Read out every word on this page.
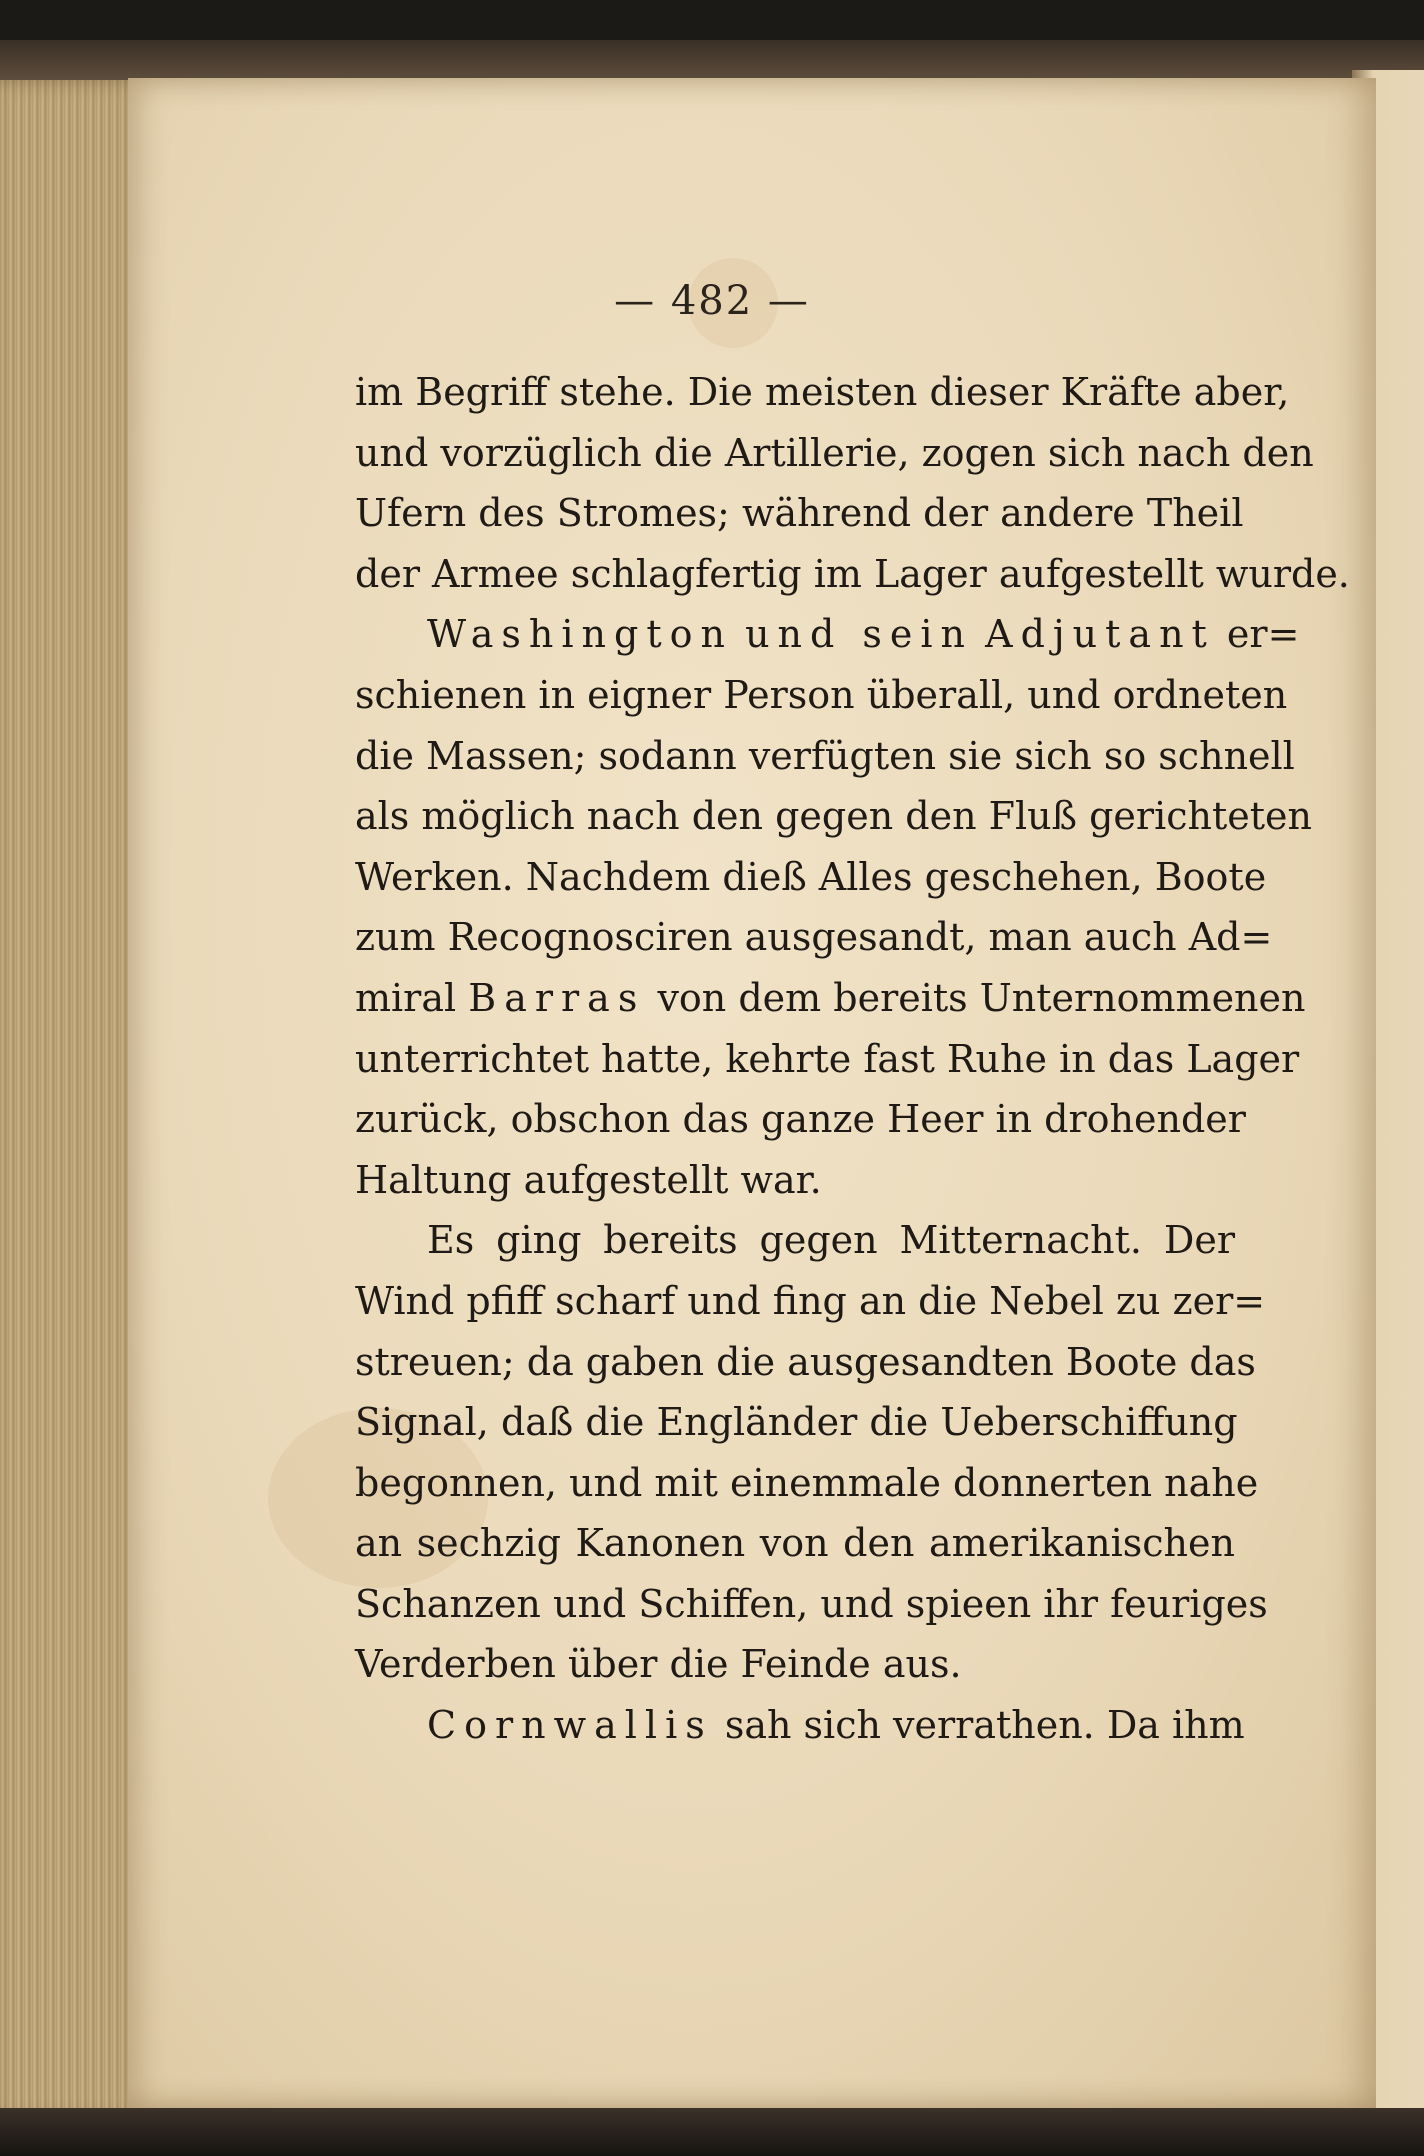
— 482 —
im Begriff stehe. Die meisten dieser Kräfte aber,
und vorzüglich die Artillerie, zogen sich nach den
Ufern des Stromes; während der andere Theil
der Armee schlagfertig im Lager aufgestellt wurde.
Washington und sein Adjutant er=
schienen in eigner Person überall, und ordneten
die Massen; sodann verfügten sie sich so schnell
als möglich nach den gegen den Fluß gerichteten
Werken. Nachdem dieß Alles geschehen, Boote
zum Recognosciren ausgesandt, man auch Ad=
miral Barras von dem bereits Unternommenen
unterrichtet hatte, kehrte fast Ruhe in das Lager
zurück, obschon das ganze Heer in drohender
Haltung aufgestellt war.
Es ging bereits gegen Mitternacht. Der
Wind pfiff scharf und fing an die Nebel zu zer=
streuen; da gaben die ausgesandten Boote das
Signal, daß die Engländer die Ueberschiffung
begonnen, und mit einemmale donnerten nahe
an sechzig Kanonen von den amerikanischen
Schanzen und Schiffen, und spieen ihr feuriges
Verderben über die Feinde aus.
Cornwallis sah sich verrathen. Da ihm
